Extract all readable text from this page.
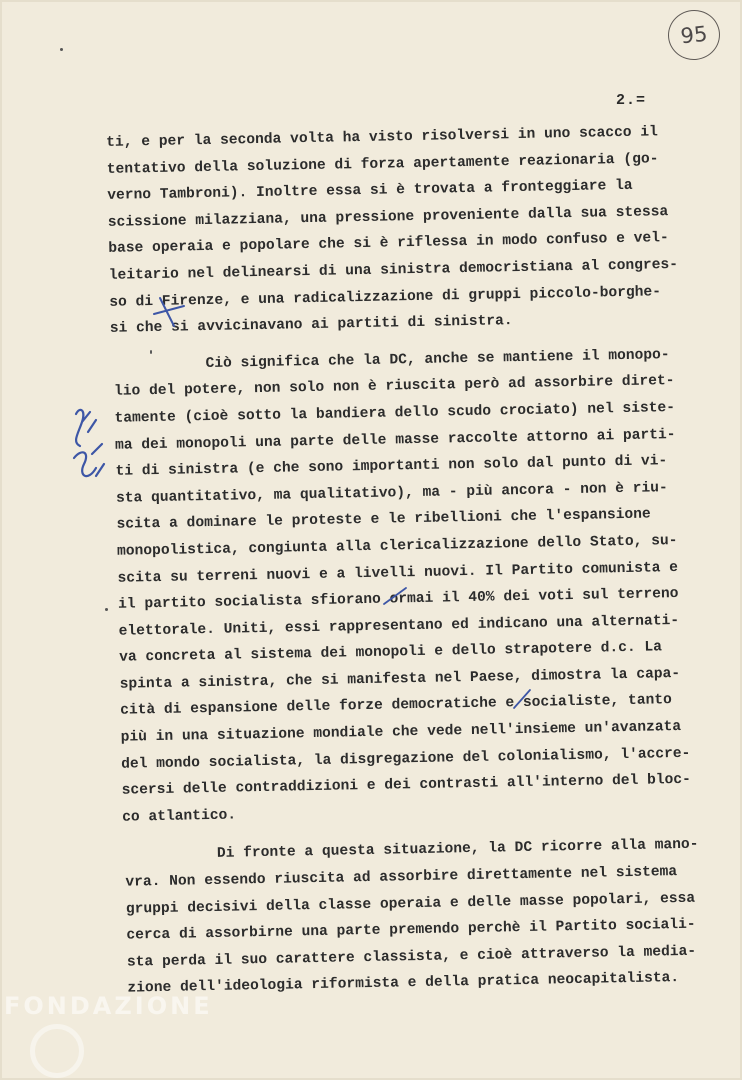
95
2.=
ti, e per la seconda volta ha visto risolversi in uno scacco il
tentativo della soluzione di forza apertamente reazionaria (go-
verno Tambroni). Inoltre essa si è trovata a fronteggiare la
scissione milazziana, una pressione proveniente dalla sua stessa
base operaia e popolare che si è riflessa in modo confuso e vel-
leitario nel delinearsi di una sinistra democristiana al congres-
so di Firenze, e una radicalizzazione di gruppi piccolo-borghe-
si che si avvicinavano ai partiti di sinistra.
Ciò significa che la DC, anche se mantiene il monopo-
lio del potere, non solo non è riuscita però ad assorbire diret-
tamente (cioè sotto la bandiera dello scudo crociato) nel siste-
ma dei monopoli una parte delle masse raccolte attorno ai parti-
ti di sinistra (e che sono importanti non solo dal punto di vi-
sta quantitativo, ma qualitativo), ma - più ancora - non è riu-
scita a dominare le proteste e le ribellioni che l'espansione
monopolistica, congiunta alla clericalizzazione dello Stato, su-
scita su terreni nuovi e a livelli nuovi. Il Partito comunista e
il partito socialista sfiorano ormai il 40% dei voti sul terreno
elettorale. Uniti, essi rappresentano ed indicano una alternati-
va concreta al sistema dei monopoli e dello strapotere d.c. La
spinta a sinistra, che si manifesta nel Paese, dimostra la capa-
cità di espansione delle forze democratiche e socialiste, tanto
più in una situazione mondiale che vede nell'insieme un'avanzata
del mondo socialista, la disgregazione del colonialismo, l'accre-
scersi delle contraddizioni e dei contrasti all'interno del bloc-
co atlantico.
Di fronte a questa situazione, la DC ricorre alla mano-
vra. Non essendo riuscita ad assorbire direttamente nel sistema
gruppi decisivi della classe operaia e delle masse popolari, essa
cerca di assorbirne una parte premendo perchè il Partito sociali-
sta perda il suo carattere classista, e cioè attraverso la media-
zione dell'ideologia riformista e della pratica neocapitalista.
FONDAZIONE
